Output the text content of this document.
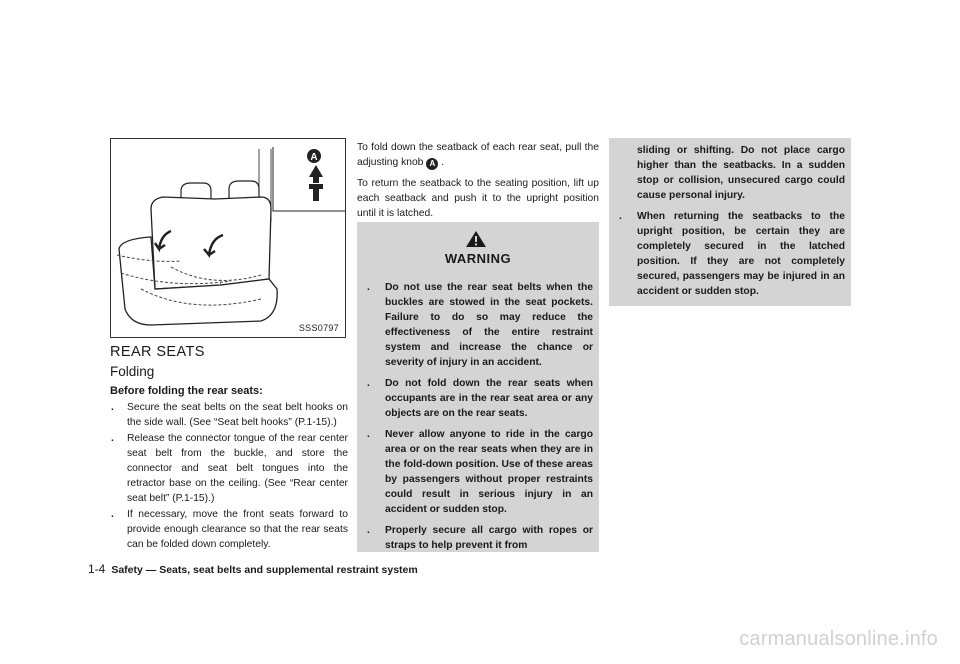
A
SSS0797
REAR SEATS
Folding
Before folding the rear seats:
. Secure the seat belts on the seat belt hooks on the side wall. (See “Seat belt hooks” (P.1-15).)
. Release the connector tongue of the rear center seat belt from the buckle, and store the connector and seat belt tongues into the retractor base on the ceiling. (See “Rear center seat belt” (P.1-15).)
. If necessary, move the front seats forward to provide enough clearance so that the rear seats can be folded down completely.

To fold down the seatback of each rear seat, pull the adjusting knob A .

To return the seatback to the seating position, lift up each seatback and push it to the upright position until it is latched.

WARNING
. Do not use the rear seat belts when the buckles are stowed in the seat pockets. Failure to do so may reduce the effectiveness of the entire restraint system and increase the chance or severity of injury in an accident.
. Do not fold down the rear seats when occupants are in the rear seat area or any objects are on the rear seats.
. Never allow anyone to ride in the cargo area or on the rear seats when they are in the fold-down position. Use of these areas by passengers without proper restraints could result in serious injury in an accident or sudden stop.
. Properly secure all cargo with ropes or straps to help prevent it from
sliding or shifting. Do not place cargo higher than the seatbacks. In a sudden stop or collision, unsecured cargo could cause personal injury.
. When returning the seatbacks to the upright position, be certain they are completely secured in the latched position. If they are not completely secured, passengers may be injured in an accident or sudden stop.
1-4 Safety — Seats, seat belts and supplemental restraint system
carmanualsonline.info
